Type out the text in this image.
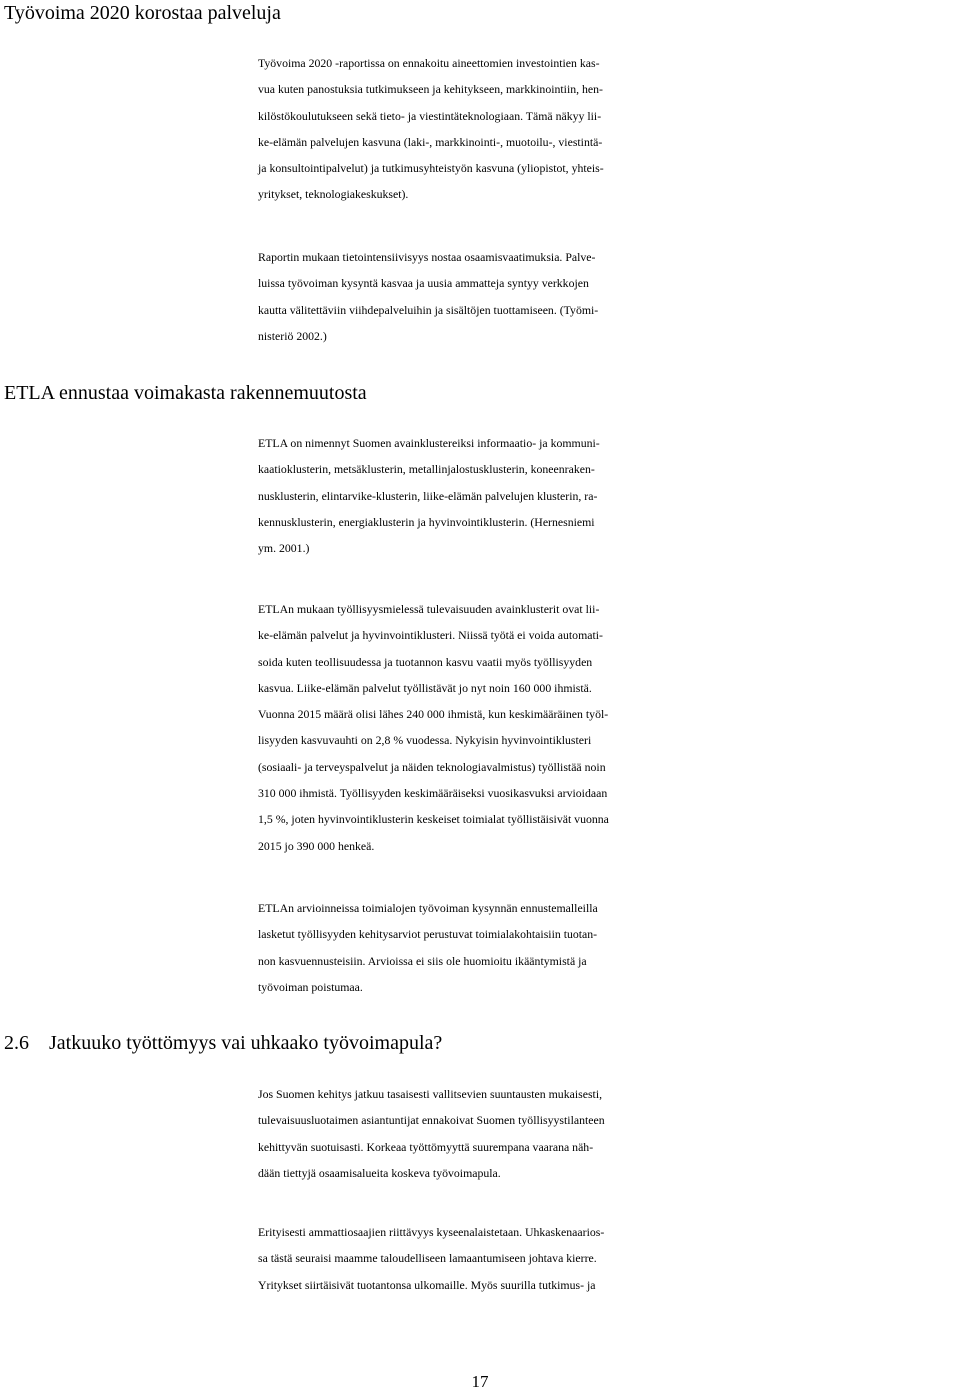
Työvoima 2020 korostaa palveluja

Työvoima 2020 -raportissa on ennakoitu aineettomien investointien kas-
vua kuten panostuksia tutkimukseen ja kehitykseen, markkinointiin, hen-
kilöstökoulutukseen sekä tieto- ja viestintäteknologiaan. Tämä näkyy lii-
ke-elämän palvelujen kasvuna (laki-, markkinointi-, muotoilu-, viestintä-
ja konsultointipalvelut) ja tutkimusyhteistyön kasvuna (yliopistot, yhteis-
yritykset, teknologiakeskukset).

Raportin mukaan tietointensiivisyys nostaa osaamisvaatimuksia. Palve-
luissa työvoiman kysyntä kasvaa ja uusia ammatteja syntyy verkkojen
kautta välitettäviin viihdepalveluihin ja sisältöjen tuottamiseen. (Työmi-
nisteriö 2002.)

ETLA ennustaa voimakasta rakennemuutosta

ETLA on nimennyt Suomen avainklustereiksi informaatio- ja kommuni-
kaatioklusterin, metsäklusterin, metallinjalostusklusterin, koneenraken-
nusklusterin, elintarvike-klusterin, liike-elämän palvelujen klusterin, ra-
kennusklusterin, energiaklusterin ja hyvinvointiklusterin. (Hernesniemi
ym. 2001.)

ETLAn mukaan työllisyysmielessä tulevaisuuden avainklusterit ovat lii-
ke-elämän palvelut ja hyvinvointiklusteri. Niissä työtä ei voida automati-
soida kuten teollisuudessa ja tuotannon kasvu vaatii myös työllisyyden
kasvua. Liike-elämän palvelut työllistävät jo nyt noin 160 000 ihmistä.
Vuonna 2015 määrä olisi lähes 240 000 ihmistä, kun keskimääräinen työl-
lisyyden kasvuvauhti on 2,8 % vuodessa. Nykyisin hyvinvointiklusteri
(sosiaali- ja terveyspalvelut ja näiden teknologiavalmistus) työllistää noin
310 000 ihmistä. Työllisyyden keskimääräiseksi vuosikasvuksi arvioidaan
1,5 %, joten hyvinvointiklusterin keskeiset toimialat työllistäisivät vuonna
2015 jo 390 000 henkeä.

ETLAn arvioinneissa toimialojen työvoiman kysynnän ennustemalleilla
lasketut työllisyyden kehitysarviot perustuvat toimialakohtaisiin tuotan-
non kasvuennusteisiin. Arvioissa ei siis ole huomioitu ikääntymistä ja
työvoiman poistumaa.

2.6 Jatkuuko työttömyys vai uhkaako työvoimapula?

Jos Suomen kehitys jatkuu tasaisesti vallitsevien suuntausten mukaisesti,
tulevaisuusluotaimen asiantuntijat ennakoivat Suomen työllisyystilanteen
kehittyvän suotuisasti. Korkeaa työttömyyttä suurempana vaarana näh-
dään tiettyjä osaamisalueita koskeva työvoimapula.

Erityisesti ammattiosaajien riittävyys kyseenalaistetaan. Uhkaskenaarios-
sa tästä seuraisi maamme taloudelliseen lamaantumiseen johtava kierre.
Yritykset siirtäisivät tuotantonsa ulkomaille. Myös suurilla tutkimus- ja

17
